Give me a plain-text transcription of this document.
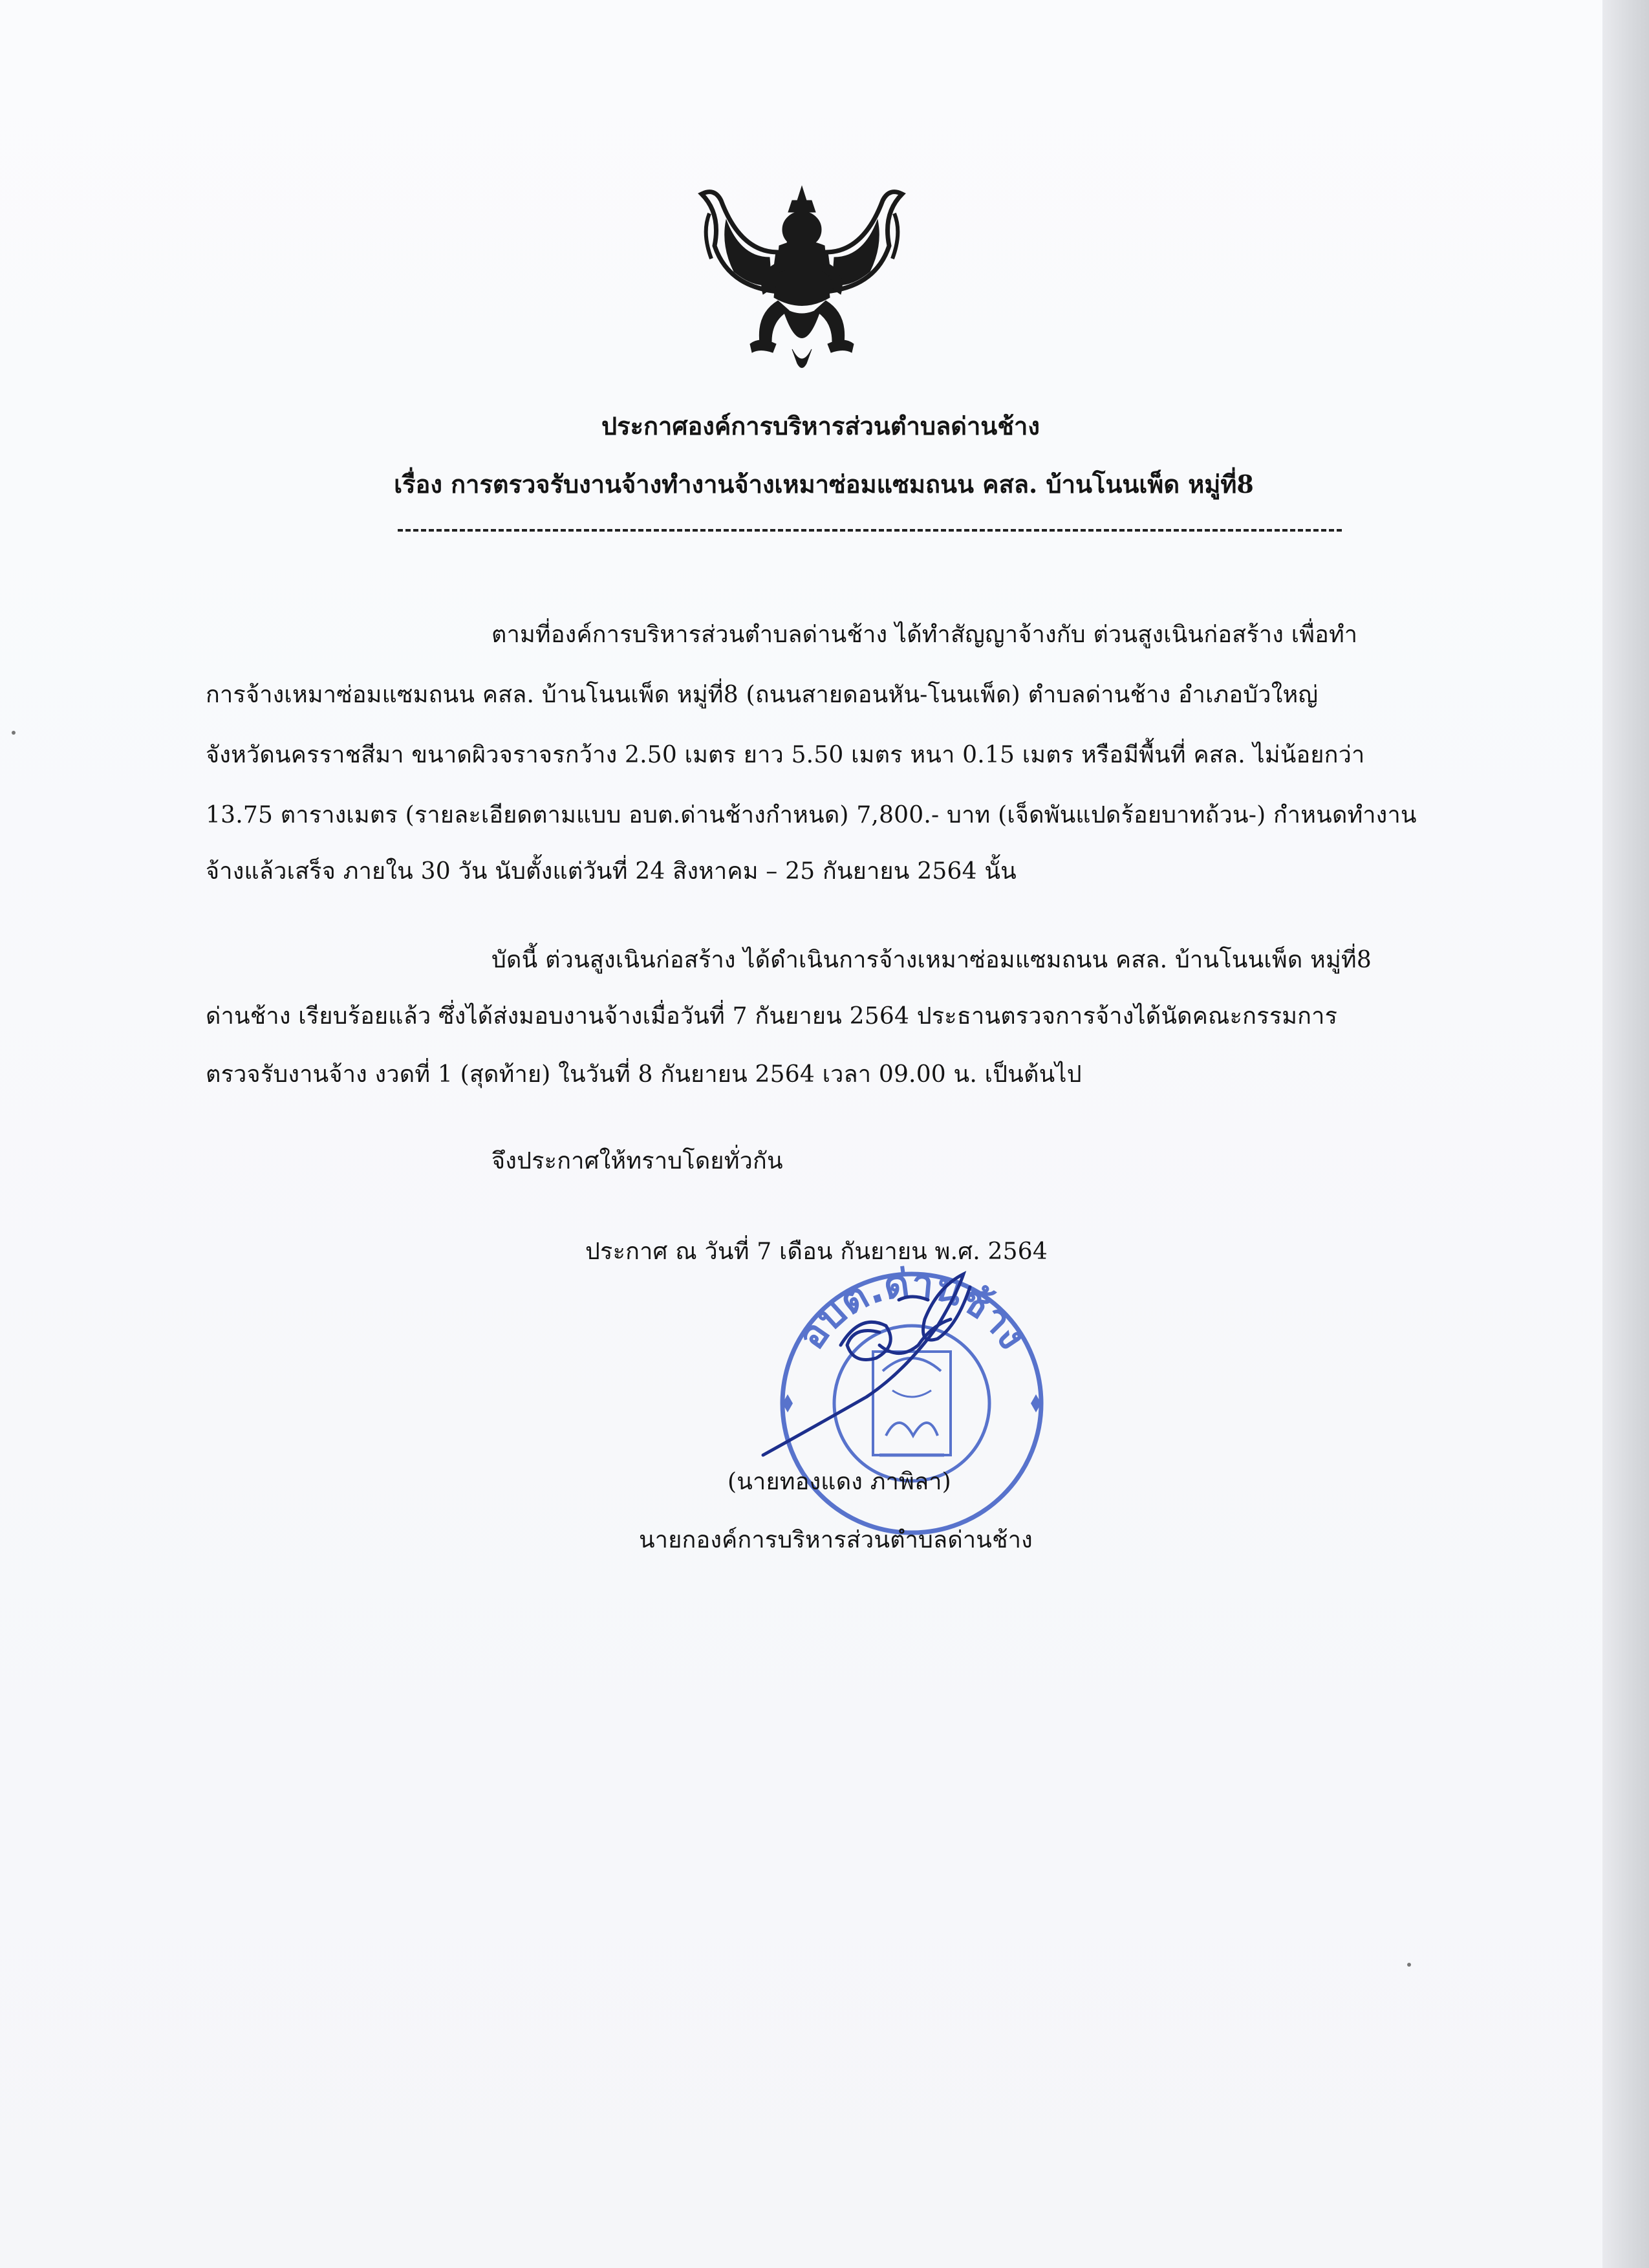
ประกาศองค์การบริหารส่วนตำบลด่านช้าง
เรื่อง การตรวจรับงานจ้างทำงานจ้างเหมาซ่อมแซมถนน คสล. บ้านโนนเพ็ด หมู่ที่8
ตามที่องค์การบริหารส่วนตำบลด่านช้าง ได้ทำสัญญาจ้างกับ ต่วนสูงเนินก่อสร้าง เพื่อทำ
การจ้างเหมาซ่อมแซมถนน คสล. บ้านโนนเพ็ด หมู่ที่8 (ถนนสายดอนหัน-โนนเพ็ด) ตำบลด่านช้าง อำเภอบัวใหญ่
จังหวัดนครราชสีมา ขนาดผิวจราจรกว้าง 2.50 เมตร ยาว 5.50 เมตร หนา 0.15 เมตร หรือมีพื้นที่ คสล. ไม่น้อยกว่า
13.75 ตารางเมตร (รายละเอียดตามแบบ อบต.ด่านช้างกำหนด) 7,800.- บาท (เจ็ดพันแปดร้อยบาทถ้วน-) กำหนดทำงาน
จ้างแล้วเสร็จ ภายใน 30 วัน นับตั้งแต่วันที่ 24 สิงหาคม – 25 กันยายน 2564 นั้น
บัดนี้ ต่วนสูงเนินก่อสร้าง ได้ดำเนินการจ้างเหมาซ่อมแซมถนน คสล. บ้านโนนเพ็ด หมู่ที่8
ด่านช้าง เรียบร้อยแล้ว ซึ่งได้ส่งมอบงานจ้างเมื่อวันที่ 7 กันยายน 2564 ประธานตรวจการจ้างได้นัดคณะกรรมการ
ตรวจรับงานจ้าง งวดที่ 1 (สุดท้าย) ในวันที่ 8 กันยายน 2564 เวลา 09.00 น. เป็นต้นไป
จึงประกาศให้ทราบโดยทั่วกัน
ประกาศ ณ วันที่ 7 เดือน กันยายน พ.ศ. 2564
อบต.ด่านช้าง
(นายทองแดง ภาพิลา)
นายกองค์การบริหารส่วนตำบลด่านช้าง
